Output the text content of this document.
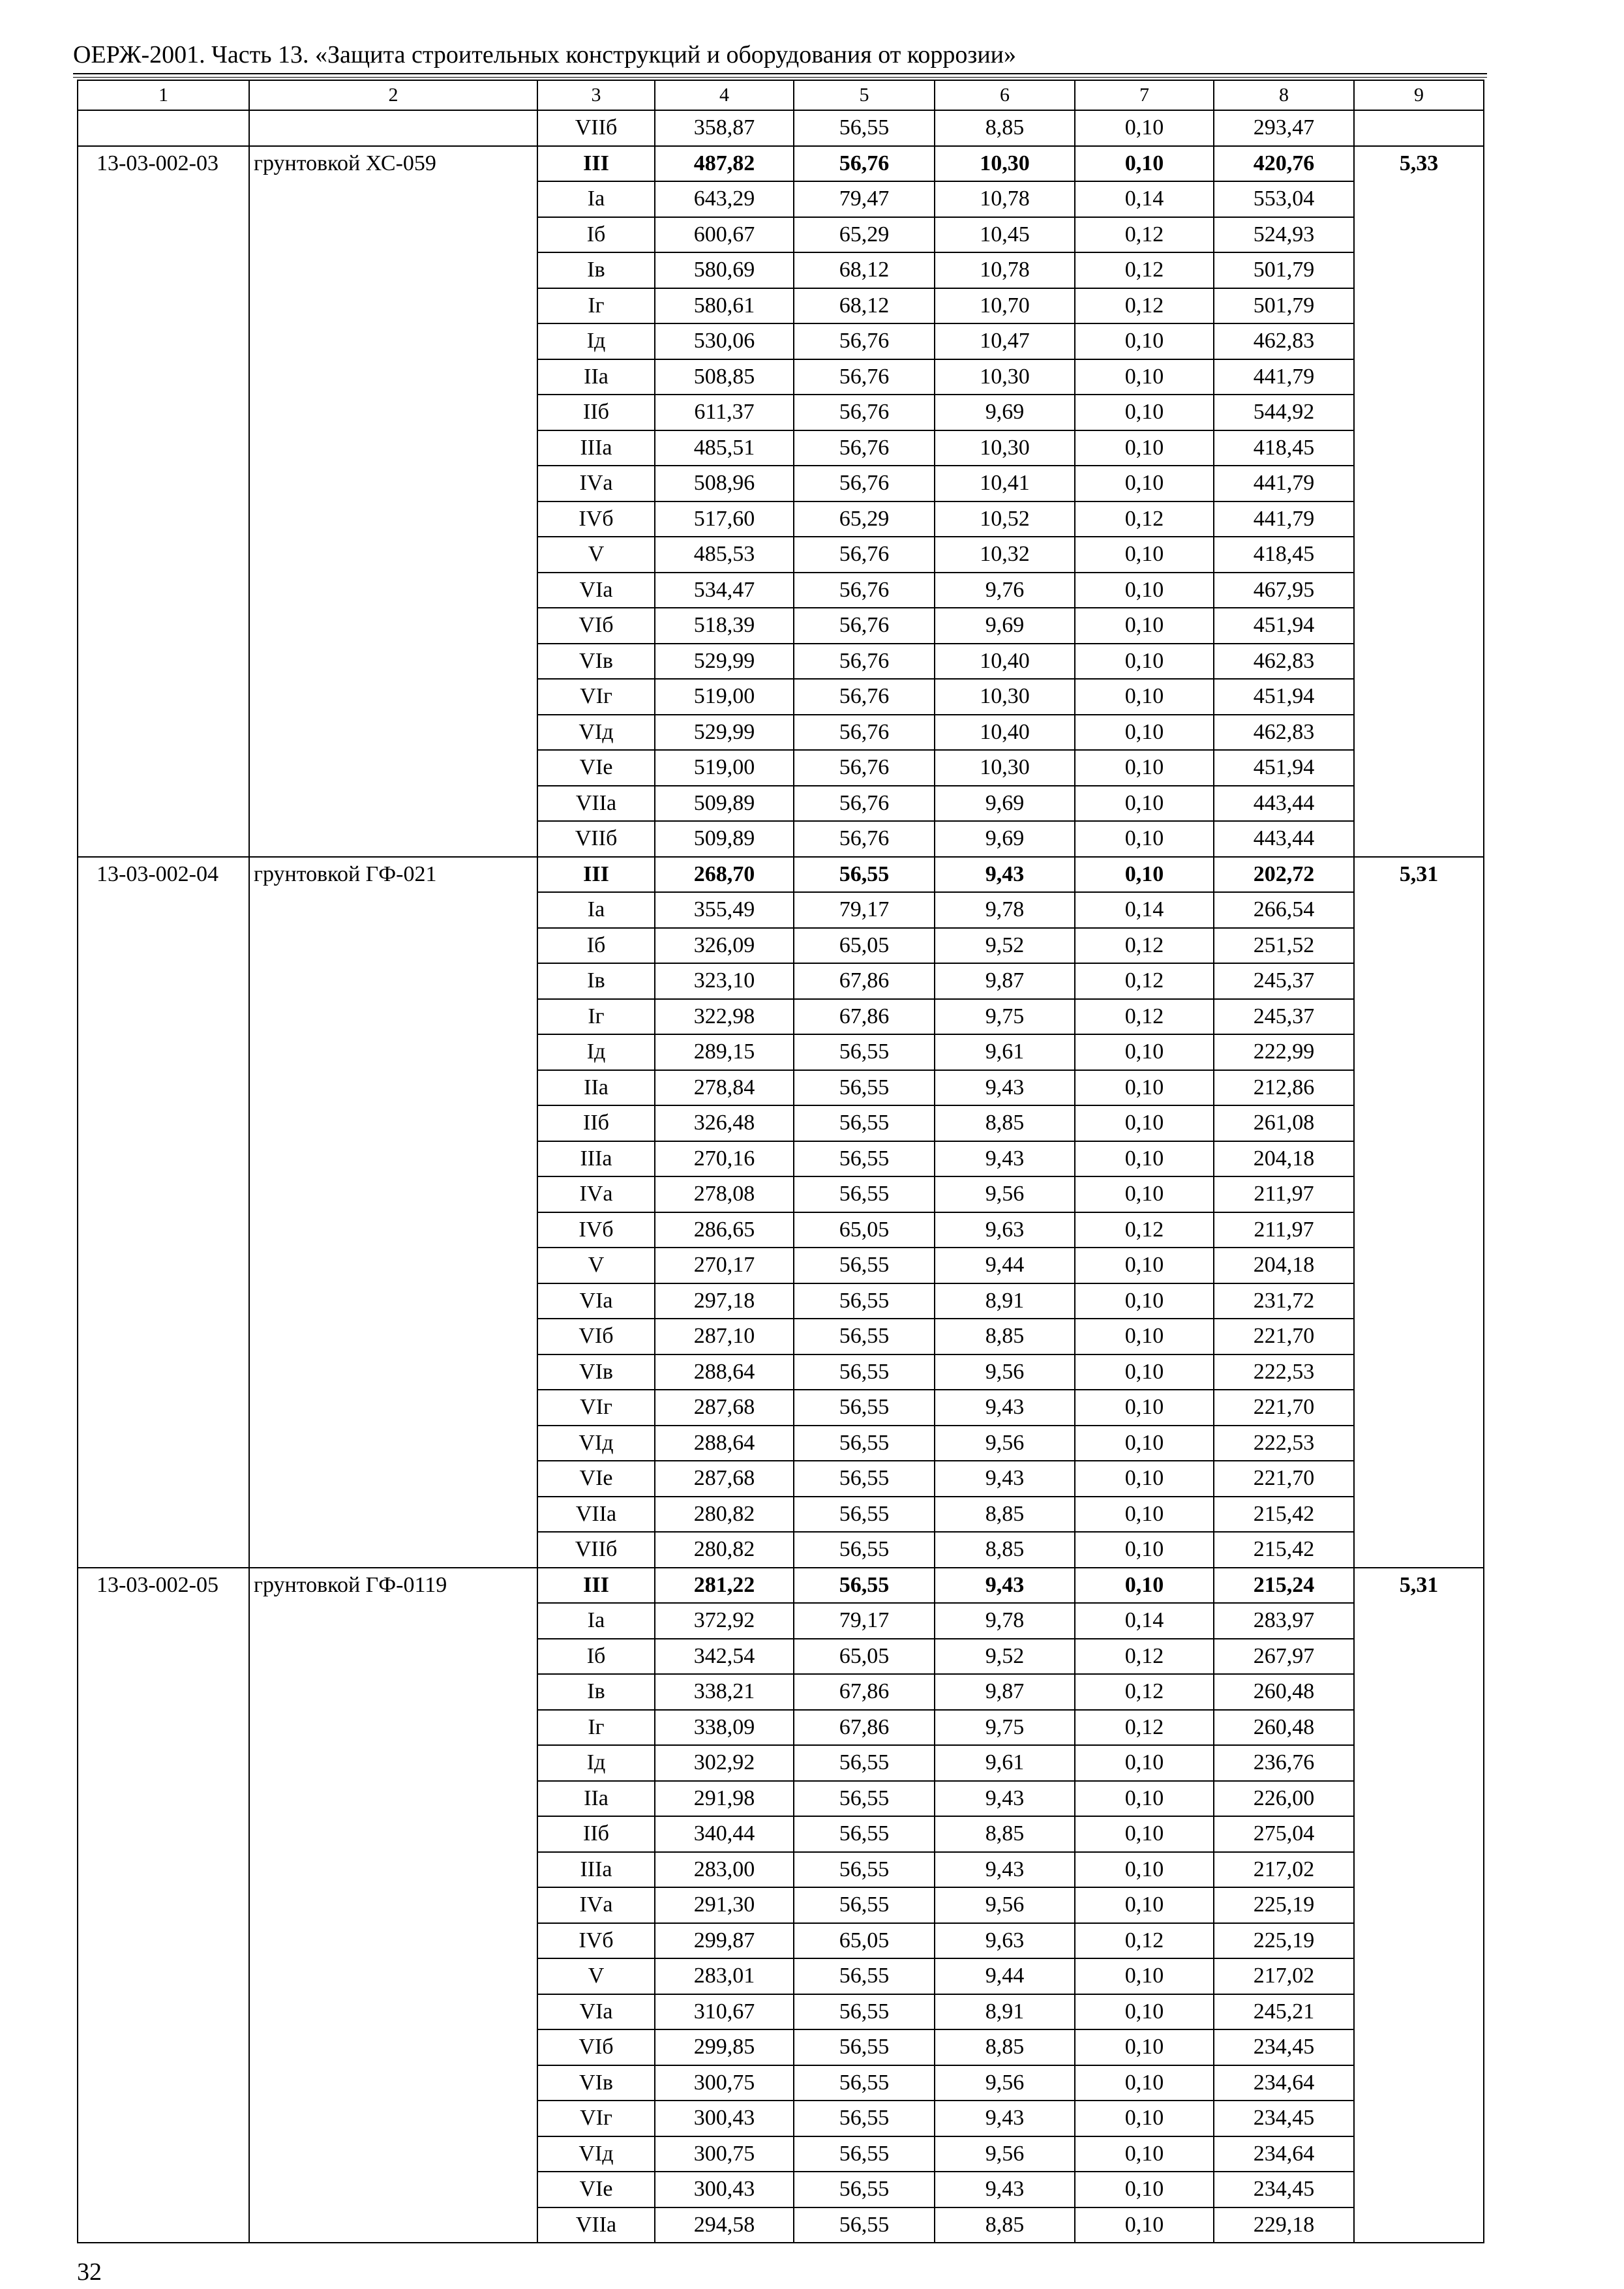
ОЕРЖ-2001. Часть 13. «Защита строительных конструкций и оборудования от коррозии»
1	2	3	4	5	6	7	8	9
		VIIб	358,87	56,55	8,85	0,10	293,47	
13-03-002-03	грунтовкой ХС-059	III	487,82	56,76	10,30	0,10	420,76	5,33
		Iа	643,29	79,47	10,78	0,14	553,04	
		Iб	600,67	65,29	10,45	0,12	524,93	
		Iв	580,69	68,12	10,78	0,12	501,79	
		Iг	580,61	68,12	10,70	0,12	501,79	
		Iд	530,06	56,76	10,47	0,10	462,83	
		IIа	508,85	56,76	10,30	0,10	441,79	
		IIб	611,37	56,76	9,69	0,10	544,92	
		IIIа	485,51	56,76	10,30	0,10	418,45	
		IVа	508,96	56,76	10,41	0,10	441,79	
		IVб	517,60	65,29	10,52	0,12	441,79	
		V	485,53	56,76	10,32	0,10	418,45	
		VIа	534,47	56,76	9,76	0,10	467,95	
		VIб	518,39	56,76	9,69	0,10	451,94	
		VIв	529,99	56,76	10,40	0,10	462,83	
		VIг	519,00	56,76	10,30	0,10	451,94	
		VIд	529,99	56,76	10,40	0,10	462,83	
		VIе	519,00	56,76	10,30	0,10	451,94	
		VIIа	509,89	56,76	9,69	0,10	443,44	
		VIIб	509,89	56,76	9,69	0,10	443,44	
13-03-002-04	грунтовкой ГФ-021	III	268,70	56,55	9,43	0,10	202,72	5,31
		Iа	355,49	79,17	9,78	0,14	266,54	
		Iб	326,09	65,05	9,52	0,12	251,52	
		Iв	323,10	67,86	9,87	0,12	245,37	
		Iг	322,98	67,86	9,75	0,12	245,37	
		Iд	289,15	56,55	9,61	0,10	222,99	
		IIа	278,84	56,55	9,43	0,10	212,86	
		IIб	326,48	56,55	8,85	0,10	261,08	
		IIIа	270,16	56,55	9,43	0,10	204,18	
		IVа	278,08	56,55	9,56	0,10	211,97	
		IVб	286,65	65,05	9,63	0,12	211,97	
		V	270,17	56,55	9,44	0,10	204,18	
		VIа	297,18	56,55	8,91	0,10	231,72	
		VIб	287,10	56,55	8,85	0,10	221,70	
		VIв	288,64	56,55	9,56	0,10	222,53	
		VIг	287,68	56,55	9,43	0,10	221,70	
		VIд	288,64	56,55	9,56	0,10	222,53	
		VIе	287,68	56,55	9,43	0,10	221,70	
		VIIа	280,82	56,55	8,85	0,10	215,42	
		VIIб	280,82	56,55	8,85	0,10	215,42	
13-03-002-05	грунтовкой ГФ-0119	III	281,22	56,55	9,43	0,10	215,24	5,31
		Iа	372,92	79,17	9,78	0,14	283,97	
		Iб	342,54	65,05	9,52	0,12	267,97	
		Iв	338,21	67,86	9,87	0,12	260,48	
		Iг	338,09	67,86	9,75	0,12	260,48	
		Iд	302,92	56,55	9,61	0,10	236,76	
		IIа	291,98	56,55	9,43	0,10	226,00	
		IIб	340,44	56,55	8,85	0,10	275,04	
		IIIа	283,00	56,55	9,43	0,10	217,02	
		IVа	291,30	56,55	9,56	0,10	225,19	
		IVб	299,87	65,05	9,63	0,12	225,19	
		V	283,01	56,55	9,44	0,10	217,02	
		VIа	310,67	56,55	8,91	0,10	245,21	
		VIб	299,85	56,55	8,85	0,10	234,45	
		VIв	300,75	56,55	9,56	0,10	234,64	
		VIг	300,43	56,55	9,43	0,10	234,45	
		VIд	300,75	56,55	9,56	0,10	234,64	
		VIе	300,43	56,55	9,43	0,10	234,45	
		VIIа	294,58	56,55	8,85	0,10	229,18	
32
